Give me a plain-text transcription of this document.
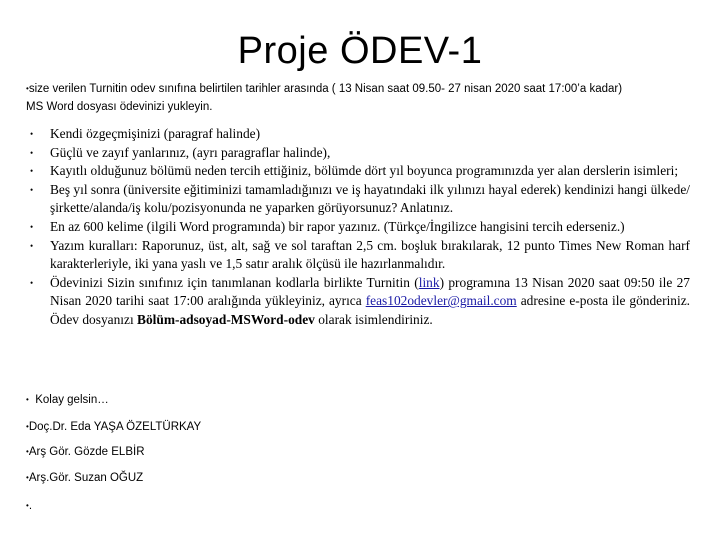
Proje ÖDEV-1
•size verilen Turnitin odev sınıfına belirtilen tarihler arasında ( 13 Nisan saat 09.50- 27 nisan 2020 saat 17:00’a kadar)
MS Word dosyası ödevinizi yukleyin.
• Kendi özgeçmişinizi (paragraf halinde)
• Güçlü ve zayıf yanlarınız, (ayrı paragraflar halinde),
• Kayıtlı olduğunuz bölümü neden tercih ettiğiniz, bölümde dört yıl boyunca programınızda yer alan derslerin isimleri;
• Beş yıl sonra (üniversite eğitiminizi tamamladığınızı ve iş hayatındaki ilk yılınızı hayal ederek) kendinizi hangi ülkede/şirkette/alanda/iş kolu/pozisyonunda ne yaparken görüyorsunuz? Anlatınız.
• En az 600 kelime (ilgili Word programında) bir rapor yazınız. (Türkçe/İngilizce hangisini tercih ederseniz.)
• Yazım kuralları: Raporunuz, üst, alt, sağ ve sol taraftan 2,5 cm. boşluk bırakılarak, 12 punto Times New Roman harf karakterleriyle, iki yana yaslı ve 1,5 satır aralık ölçüsü ile hazırlanmalıdır.
• Ödevinizi Sizin sınıfınız için tanımlanan kodlarla birlikte Turnitin (link) programına 13 Nisan 2020 saat 09:50 ile 27 Nisan 2020 tarihi saat 17:00 aralığında yükleyiniz, ayrıca feas102odevler@gmail.com adresine e-posta ile gönderiniz. Ödev dosyanızı Bölüm-adsoyad-MSWord-odev olarak isimlendiriniz.
• Kolay gelsin…
•Doç.Dr. Eda YAŞA ÖZELTÜRKAY
•Arş Gör. Gözde ELBİR
•Arş.Gör. Suzan OĞUZ
•.
